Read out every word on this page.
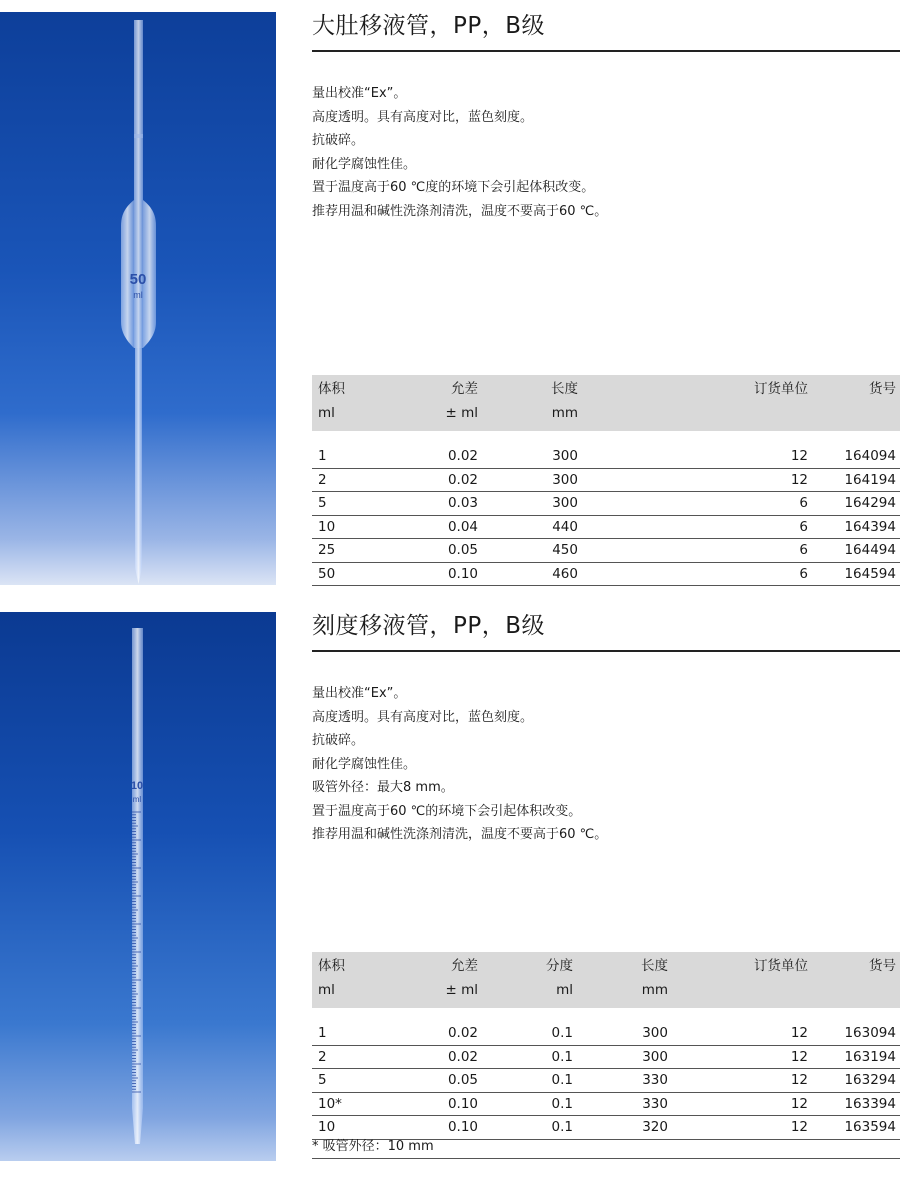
50
ml
10
ml
大肚移液管，PP，B级
量出校准“Ex”。
高度透明。具有高度对比，蓝色刻度。
抗破碎。
耐化学腐蚀性佳。
置于温度高于60 ℃度的环境下会引起体积改变。
推荐用温和碱性洗涤剂清洗，温度不要高于60 ℃。
体积	允差	长度	订货单位	货号
ml	± ml	mm		

1	0.02	300	12	164094
2	0.02	300	12	164194
5	0.03	300	6	164294
10	0.04	440	6	164394
25	0.05	450	6	164494
50	0.10	460	6	164594
刻度移液管，PP，B级
量出校准“Ex”。
高度透明。具有高度对比，蓝色刻度。
抗破碎。
耐化学腐蚀性佳。
吸管外径：最大8 mm。
置于温度高于60 ℃的环境下会引起体积改变。
推荐用温和碱性洗涤剂清洗，温度不要高于60 ℃。
体积	允差	分度	长度	订货单位	货号
ml	± ml	ml	mm		

1	0.02	0.1	300	12	163094
2	0.02	0.1	300	12	163194
5	0.05	0.1	330	12	163294
10*	0.10	0.1	330	12	163394
10	0.10	0.1	320	12	163594
* 吸管外径：10 mm
